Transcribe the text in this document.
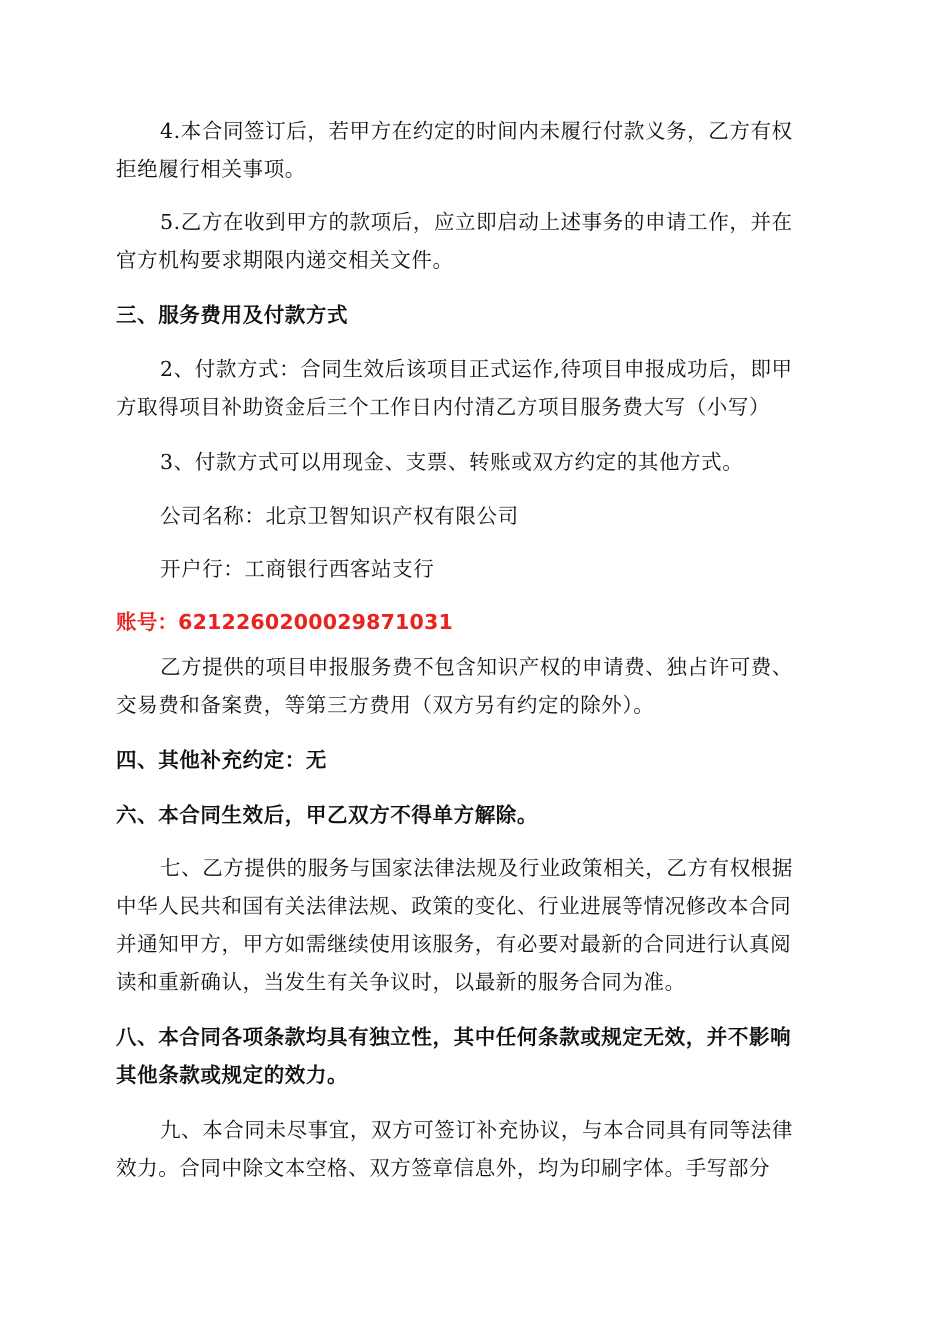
4.本合同签订后，若甲方在约定的时间内未履行付款义务，乙方有权
拒绝履行相关事项。

5.乙方在收到甲方的款项后，应立即启动上述事务的申请工作，并在
官方机构要求期限内递交相关文件。

三、服务费用及付款方式

2、付款方式：合同生效后该项目正式运作,待项目申报成功后，即甲
方取得项目补助资金后三个工作日内付清乙方项目服务费大写（小写）

3、付款方式可以用现金、支票、转账或双方约定的其他方式。

公司名称：北京卫智知识产权有限公司

开户行：工商银行西客站支行

账号：6212260200029871031

乙方提供的项目申报服务费不包含知识产权的申请费、独占许可费、
交易费和备案费，等第三方费用（双方另有约定的除外）。

四、其他补充约定：无

六、本合同生效后，甲乙双方不得单方解除。

七、乙方提供的服务与国家法律法规及行业政策相关，乙方有权根据
中华人民共和国有关法律法规、政策的变化、行业进展等情况修改本合同
并通知甲方，甲方如需继续使用该服务，有必要对最新的合同进行认真阅
读和重新确认，当发生有关争议时，以最新的服务合同为准。

八、本合同各项条款均具有独立性，其中任何条款或规定无效，并不影响
其他条款或规定的效力。

九、本合同未尽事宜，双方可签订补充协议，与本合同具有同等法律
效力。合同中除文本空格、双方签章信息外，均为印刷字体。手写部分
